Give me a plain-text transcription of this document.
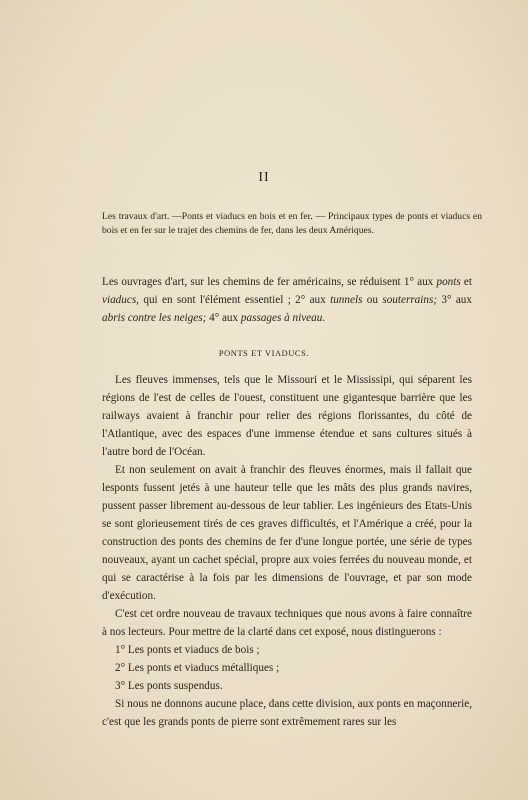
II
Les travaux d'art. —Ponts et viaducs en bois et en fer. — Principaux types de ponts et viaducs en bois et en fer sur le trajet des chemins de fer, dans les deux Amériques.
Les ouvrages d'art, sur les chemins de fer américains, se réduisent 1° aux ponts et viaducs, qui en sont l'élément essentiel ; 2° aux tunnels ou souterrains; 3° aux abris contre les neiges; 4° aux passages à niveau.
PONTS ET VIADUCS.

Les fleuves immenses, tels que le Missouri et le Mississipi, qui séparent les régions de l'est de celles de l'ouest, constituent une gigantesque barrière que les railways avaient à franchir pour relier des régions florissantes, du côté de l'Atlantique, avec des espaces d'une immense étendue et sans cultures situés à l'autre bord de l'Océan.

Et non seulement on avait à franchir des fleuves énormes, mais il fallait que lesponts fussent jetés à une hauteur telle que les mâts des plus grands navires, pussent passer librement au-dessous de leur tablier. Les ingénieurs des Etats-Unis se sont glorieusement tirés de ces graves difficultés, et l'Amérique a créé, pour la construction des ponts des chemins de fer d'une longue portée, une série de types nouveaux, ayant un cachet spécial, propre aux voies ferrées du nouveau monde, et qui se caractérise à la fois par les dimensions de l'ouvrage, et par son mode d'exécution.

C'est cet ordre nouveau de travaux techniques que nous avons à faire connaître à nos lecteurs. Pour mettre de la clarté dans cet exposé, nous distinguerons :

1° Les ponts et viaducs de bois ;

2° Les ponts et viaducs métalliques ;

3° Les ponts suspendus.

Si nous ne donnons aucune place, dans cette division, aux ponts en maçonnerie, c'est que les grands ponts de pierre sont extrêmement rares sur les
